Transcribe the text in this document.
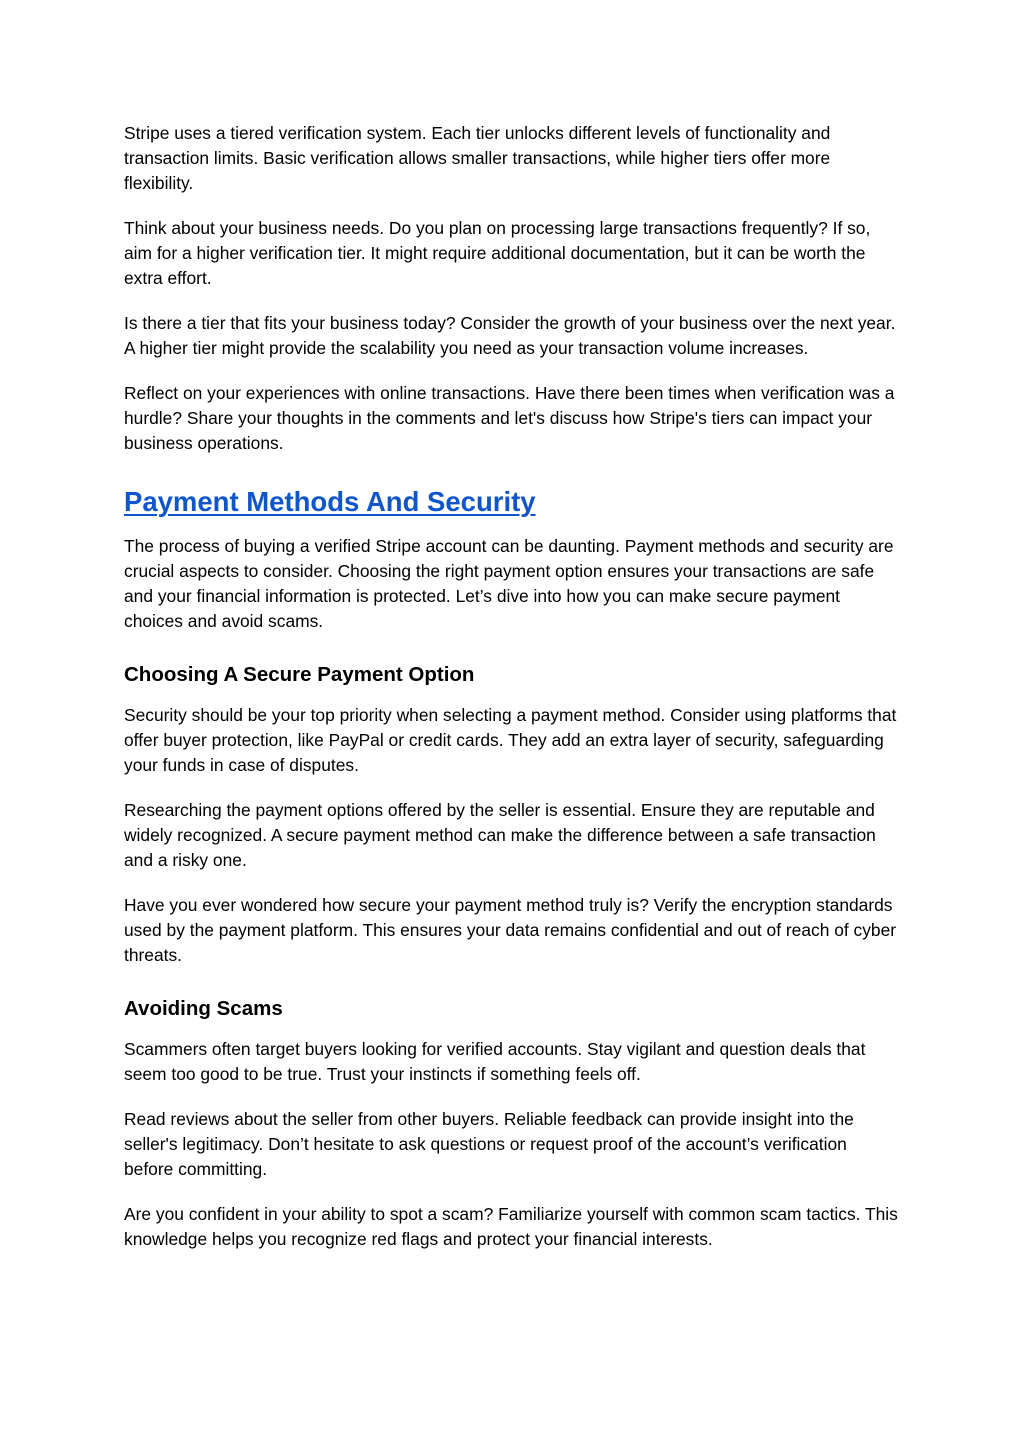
Stripe uses a tiered verification system. Each tier unlocks different levels of functionality and transaction limits. Basic verification allows smaller transactions, while higher tiers offer more flexibility.

Think about your business needs. Do you plan on processing large transactions frequently? If so, aim for a higher verification tier. It might require additional documentation, but it can be worth the extra effort.

Is there a tier that fits your business today? Consider the growth of your business over the next year. A higher tier might provide the scalability you need as your transaction volume increases.

Reflect on your experiences with online transactions. Have there been times when verification was a hurdle? Share your thoughts in the comments and let's discuss how Stripe's tiers can impact your business operations.

Payment Methods And Security

The process of buying a verified Stripe account can be daunting. Payment methods and security are crucial aspects to consider. Choosing the right payment option ensures your transactions are safe and your financial information is protected. Let’s dive into how you can make secure payment choices and avoid scams.

Choosing A Secure Payment Option

Security should be your top priority when selecting a payment method. Consider using platforms that offer buyer protection, like PayPal or credit cards. They add an extra layer of security, safeguarding your funds in case of disputes.

Researching the payment options offered by the seller is essential. Ensure they are reputable and widely recognized. A secure payment method can make the difference between a safe transaction and a risky one.

Have you ever wondered how secure your payment method truly is? Verify the encryption standards used by the payment platform. This ensures your data remains confidential and out of reach of cyber threats.

Avoiding Scams

Scammers often target buyers looking for verified accounts. Stay vigilant and question deals that seem too good to be true. Trust your instincts if something feels off.

Read reviews about the seller from other buyers. Reliable feedback can provide insight into the seller's legitimacy. Don’t hesitate to ask questions or request proof of the account’s verification before committing.

Are you confident in your ability to spot a scam? Familiarize yourself with common scam tactics. This knowledge helps you recognize red flags and protect your financial interests.
